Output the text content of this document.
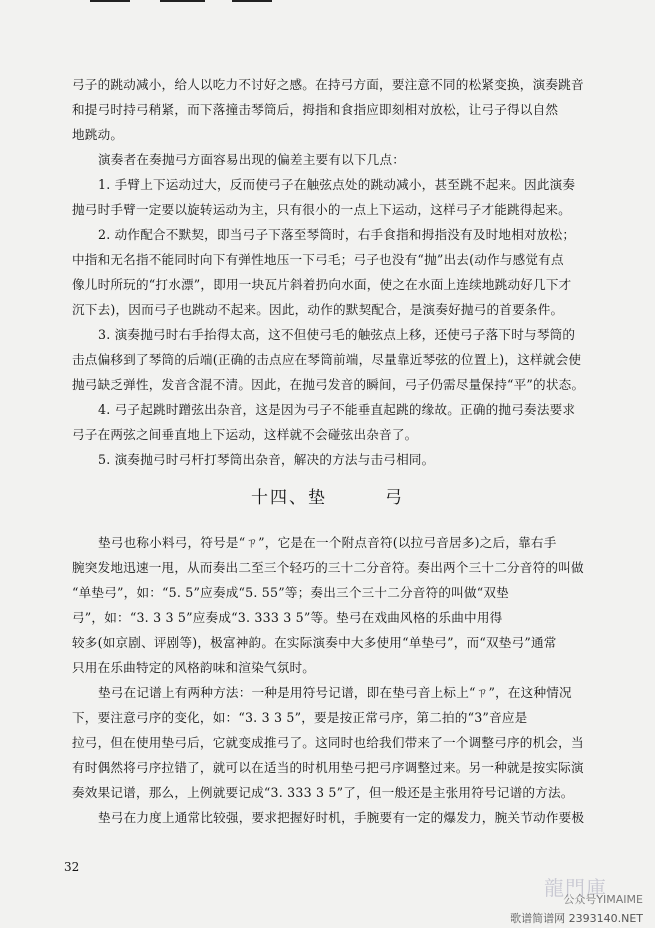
弓子的跳动减小，给人以吃力不讨好之感。在持弓方面，要注意不同的松紧变换，演奏跳音
和提弓时持弓稍紧，而下落撞击琴筒后，拇指和食指应即刻相对放松，让弓子得以自然
地跳动。
演奏者在奏抛弓方面容易出现的偏差主要有以下几点：
1. 手臂上下运动过大，反而使弓子在触弦点处的跳动减小，甚至跳不起来。因此演奏
抛弓时手臂一定要以旋转运动为主，只有很小的一点上下运动，这样弓子才能跳得起来。
2. 动作配合不默契，即当弓子下落至琴筒时，右手食指和拇指没有及时地相对放松；
中指和无名指不能同时向下有弹性地压一下弓毛；弓子也没有“抛”出去(动作与感觉有点
像儿时所玩的“打水漂”，即用一块瓦片斜着扔向水面，使之在水面上连续地跳动好几下才
沉下去)，因而弓子也跳动不起来。因此，动作的默契配合，是演奏好抛弓的首要条件。
3. 演奏抛弓时右手抬得太高，这不但使弓毛的触弦点上移，还使弓子落下时与琴筒的
击点偏移到了琴筒的后端(正确的击点应在琴筒前端，尽量靠近琴弦的位置上)，这样就会使
抛弓缺乏弹性，发音含混不清。因此，在抛弓发音的瞬间，弓子仍需尽量保持“平”的状态。
4. 弓子起跳时蹭弦出杂音，这是因为弓子不能垂直起跳的缘故。正确的抛弓奏法要求
弓子在两弦之间垂直地上下运动，这样就不会碰弦出杂音了。
5. 演奏抛弓时弓杆打琴筒出杂音，解决的方法与击弓相同。
十四、垫	弓
垫弓也称小料弓，符号是“ㄗ”，它是在一个附点音符(以拉弓音居多)之后，靠右手
腕突发地迅速一甩，从而奏出二至三个轻巧的三十二分音符。奏出两个三十二分音符的叫做
“单垫弓”，如：“5. 5”应奏成“5. 55”等；奏出三个三十二分音符的叫做“双垫
弓”，如：“3. 3 3 5”应奏成“3. 333 3 5”等。垫弓在戏曲风格的乐曲中用得
较多(如京剧、评剧等)，极富神韵。在实际演奏中大多使用“单垫弓”，而“双垫弓”通常
只用在乐曲特定的风格韵味和渲染气氛时。
垫弓在记谱上有两种方法：一种是用符号记谱，即在垫弓音上标上“ㄗ”，在这种情况
下，要注意弓序的变化，如：“3. 3 3 5”，要是按正常弓序，第二拍的“3”音应是
拉弓，但在使用垫弓后，它就变成推弓了。这同时也给我们带来了一个调整弓序的机会，当
有时偶然将弓序拉错了，就可以在适当的时机用垫弓把弓序调整过来。另一种就是按实际演
奏效果记谱，那么，上例就要记成“3. 333 3 5”了，但一般还是主张用符号记谱的方法。
垫弓在力度上通常比较强，要求把握好时机，手腕要有一定的爆发力，腕关节动作要极
32
龍門庫
公众号YIMAIME
歌谱简谱网 2393140.NET
